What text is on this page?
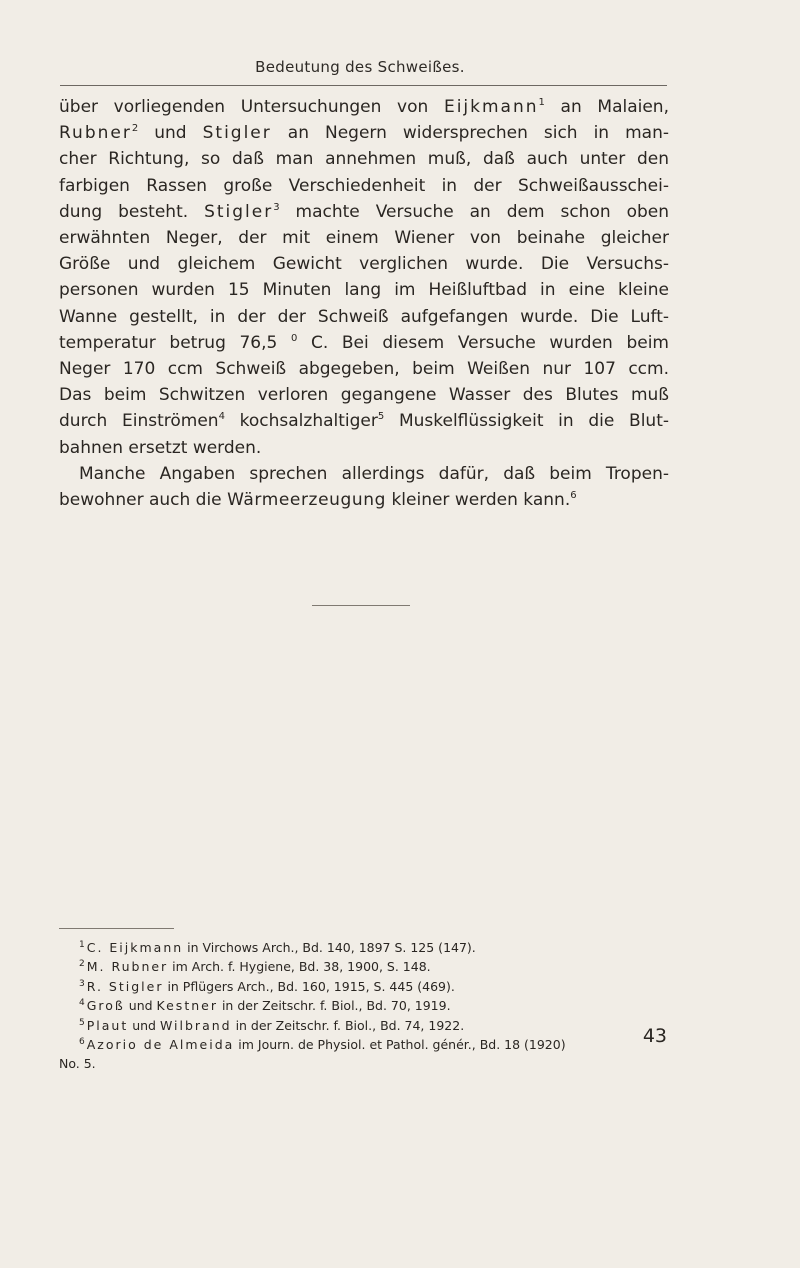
Bedeutung des Schweißes.
über vorliegenden Untersuchungen von Eijkmann$^1$ an Malaien,
Rubner$^2$ und Stigler an Negern widersprechen sich in man-
cher Richtung, so daß man annehmen muß, daß auch unter den
farbigen Rassen große Verschiedenheit in der Schweißausschei-
dung besteht. Stigler$^3$ machte Versuche an dem schon oben
erwähnten Neger, der mit einem Wiener von beinahe gleicher
Größe und gleichem Gewicht verglichen wurde. Die Versuchs-
personen wurden 15 Minuten lang im Heißluftbad in eine kleine
Wanne gestellt, in der der Schweiß aufgefangen wurde. Die Luft-
temperatur betrug 76,5 $^0$ C. Bei diesem Versuche wurden beim
Neger 170 ccm Schweiß abgegeben, beim Weißen nur 107 ccm.
Das beim Schwitzen verloren gegangene Wasser des Blutes muß
durch Einströmen$^4$ kochsalzhaltiger$^5$ Muskelflüssigkeit in die Blut-
bahnen ersetzt werden.
Manche Angaben sprechen allerdings dafür, daß beim Tropen-
bewohner auch die Wärmeerzeugung kleiner werden kann.$^6$
$^1$ C. Eijkmann in Virchows Arch., Bd. 140, 1897 S. 125 (147).
$^2$ M. Rubner im Arch. f. Hygiene, Bd. 38, 1900, S. 148.
$^3$ R. Stigler in Pflügers Arch., Bd. 160, 1915, S. 445 (469).
$^4$ Groß und Kestner in der Zeitschr. f. Biol., Bd. 70, 1919.
$^5$ Plaut und Wilbrand in der Zeitschr. f. Biol., Bd. 74, 1922.
$^6$ Azorio de Almeida im Journ. de Physiol. et Pathol. génér., Bd. 18 (1920)
No. 5.
43
